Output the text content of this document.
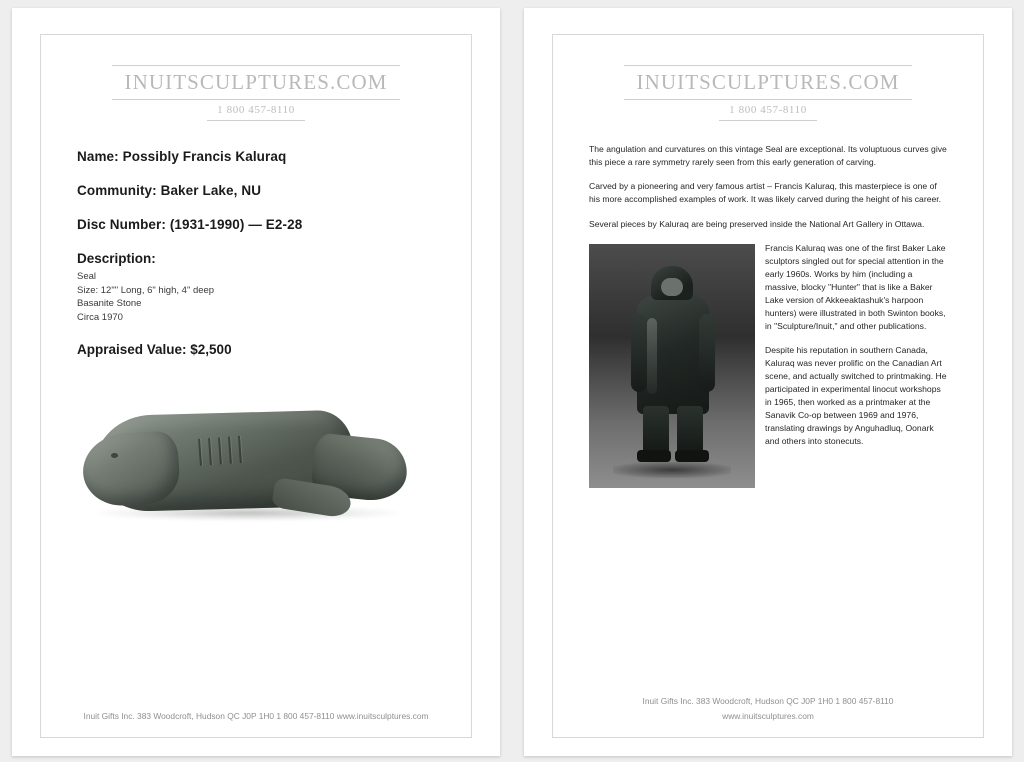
INUITSCULPTURES.COM 1 800 457-8110
Name: Possibly Francis Kaluraq
Community: Baker Lake, NU
Disc Number: (1931-1990) — E2-28
Description:
Seal
Size: 12"" Long, 6" high, 4" deep
Basanite Stone
Circa 1970
Appraised Value: $2,500
Inuit Gifts Inc. 383 Woodcroft, Hudson QC J0P 1H0 1 800 457-8110 www.inuitsculptures.com
INUITSCULPTURES.COM 1 800 457-8110

The angulation and curvatures on this vintage Seal are exceptional. Its voluptuous curves give this piece a rare symmetry rarely seen from this early generation of carving.

Carved by a pioneering and very famous artist – Francis Kaluraq, this masterpiece is one of his more accomplished examples of work. It was likely carved during the height of his career.

Several pieces by Kaluraq are being preserved inside the National Art Gallery in Ottawa.

Francis Kaluraq was one of the first Baker Lake sculptors singled out for special attention in the early 1960s. Works by him (including a massive, blocky "Hunter" that is like a Baker Lake version of Akkeeaktashuk's harpoon hunters) were illustrated in both Swinton books, in "Sculpture/Inuit," and other publications.

Despite his reputation in southern Canada, Kaluraq was never prolific on the Canadian Art scene, and actually switched to printmaking. He participated in experimental linocut workshops in 1965, then worked as a printmaker at the Sanavik Co-op between 1969 and 1976, translating drawings by Anguhadluq, Oonark and others into stonecuts.

Inuit Gifts Inc. 383 Woodcroft, Hudson QC J0P 1H0 1 800 457-8110
www.inuitsculptures.com
